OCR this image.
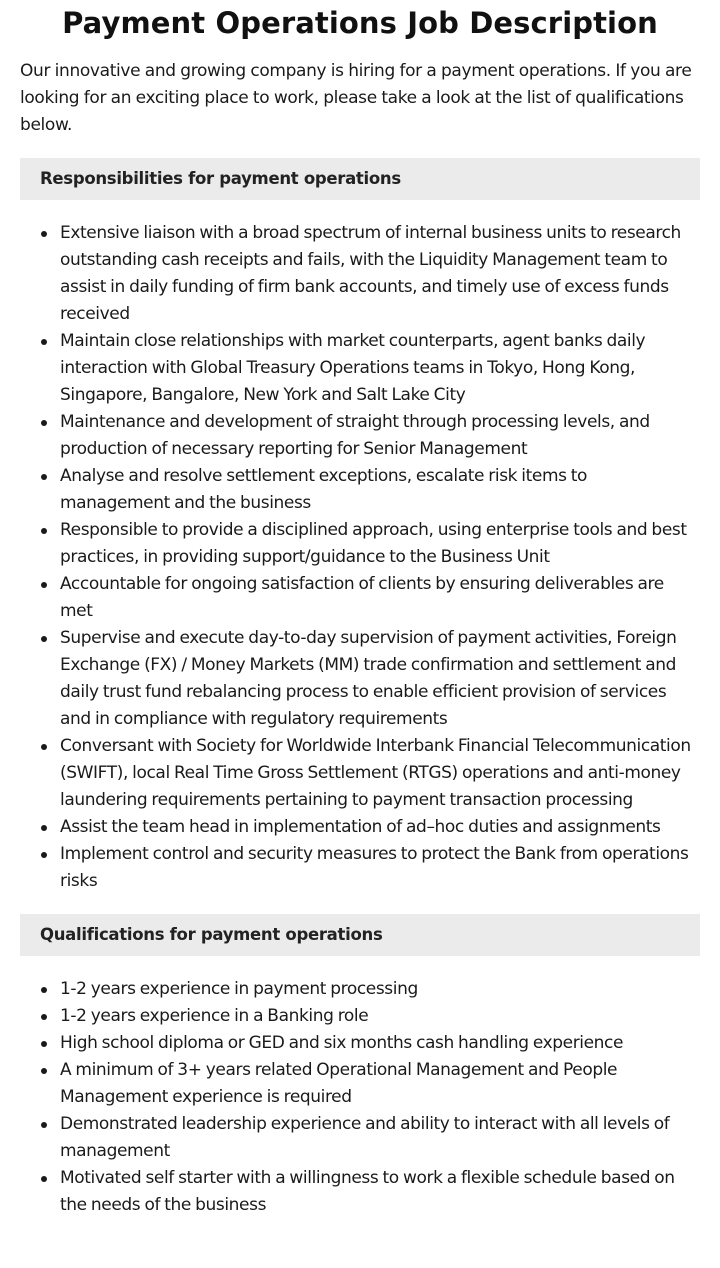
Payment Operations Job Description

Our innovative and growing company is hiring for a payment operations. If you are looking for an exciting place to work, please take a look at the list of qualifications below.

Responsibilities for payment operations
Extensive liaison with a broad spectrum of internal business units to research outstanding cash receipts and fails, with the Liquidity Management team to assist in daily funding of firm bank accounts, and timely use of excess funds received
Maintain close relationships with market counterparts, agent banks daily interaction with Global Treasury Operations teams in Tokyo, Hong Kong, Singapore, Bangalore, New York and Salt Lake City
Maintenance and development of straight through processing levels, and production of necessary reporting for Senior Management
Analyse and resolve settlement exceptions, escalate risk items to management and the business
Responsible to provide a disciplined approach, using enterprise tools and best practices, in providing support/guidance to the Business Unit
Accountable for ongoing satisfaction of clients by ensuring deliverables are met
Supervise and execute day-to-day supervision of payment activities, Foreign Exchange (FX) / Money Markets (MM) trade confirmation and settlement and daily trust fund rebalancing process to enable efficient provision of services and in compliance with regulatory requirements
Conversant with Society for Worldwide Interbank Financial Telecommunication (SWIFT), local Real Time Gross Settlement (RTGS) operations and anti-money laundering requirements pertaining to payment transaction processing
Assist the team head in implementation of ad–hoc duties and assignments
Implement control and security measures to protect the Bank from operations risks
Qualifications for payment operations
1-2 years experience in payment processing
1-2 years experience in a Banking role
High school diploma or GED and six months cash handling experience
A minimum of 3+ years related Operational Management and People Management experience is required
Demonstrated leadership experience and ability to interact with all levels of management
Motivated self starter with a willingness to work a flexible schedule based on the needs of the business
